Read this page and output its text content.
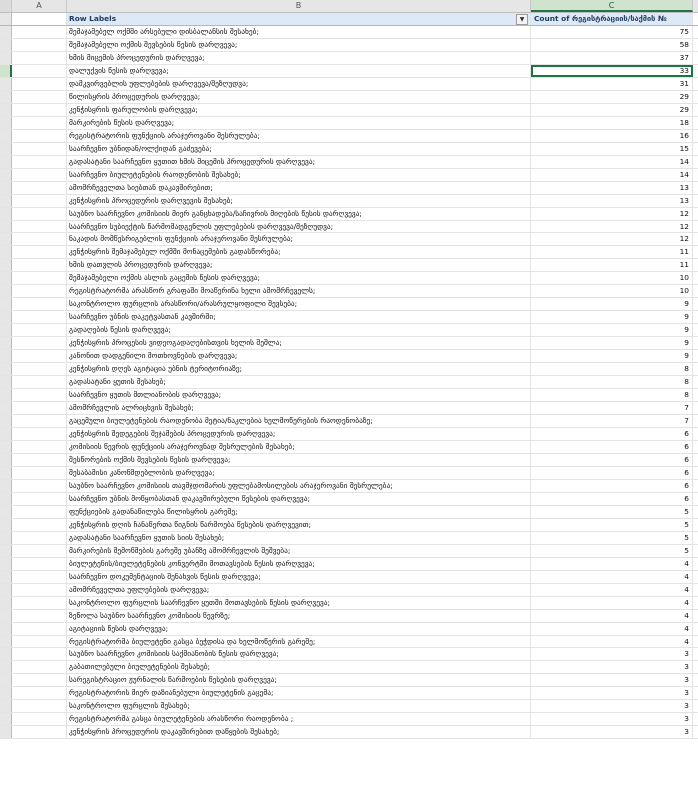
A	B	C
Row Labels	▼	Count of რეგისტრაციის/საქმის №
შემაჯამებელ ოქმში არსებული დისბალანსის შესახებ;	75
შემაჯამებელი ოქმის შევსების წესის დარღვევა;	58
ხმის მიცემის პროცედურის დარღვევა;	37
დალუქვის წესის დარღვევა;	33
დამკვირვებლის უფლებების დარღვევა/შეზღუდვა;	31
წილისყრის პროცედურის დარღვევა;	29
კენჭისყრის ფარულობის დარღვევა;	29
მარკირების წესის დარღვევა;	18
რეგისტრატორის ფუნქციის არაჯეროვანი შესრულება;	16
საარჩევნო უბნიდან/ოლქიდან გაძევება;	15
გადასატანი საარჩევნო ყუთით ხმის მიცემის პროცედურის დარღვევა;	14
საარჩევნო ბიულეტენების რაოდენობის შესახებ;	14
ამომრჩეველთა სიებთან დაკავშირებით;	13
კენჭისყრის პროცედურის დარღვევის შესახებ;	13
საუბნო საარჩევნო კომისიის მიერ განცხადება/საჩივრის მიღების წესის დარღვევა;	12
საარჩევნო სუბიექტის წარმომადგენლის უფლებების დარღვევა/შეზღუდვა;	12
ნაკადის მომწესრიგებლის ფუნქციის არაჯეროვანი შესრულება;	12
კენჭისყრის შემაჯამებელ ოქმში მონაცემების გადასწორება;	11
ხმის დათვლის პროცედურის დარღვევა;	11
შემაჯამებელი ოქმის ასლის გაცემის წესის დარღვევა;	10
რეგისტრატორმა არასწორ გრაფაში მოაწერინა ხელი ამომრჩეველს;	10
საკონტროლო ფურცლის არასწორი/არასრულყოფილი შევსება;	9
საარჩევნო უბნის დაკეტვასთან კავშირში;	9
გადაღების წესის დარღვევა;	9
კენჭისყრის პროცესის ვიდეოგადაღებისთვის ხელის შეშლა;	9
კანონით დადგენილი მოთხოვნების დარღვევა;	9
კენჭისყრის დღეს აგიტაცია უბნის ტერიტორიაზე;	8
გადასატანი ყუთის შესახებ;	8
საარჩევნო ყუთის მთლიანობის დარღვევა;	8
ამომრჩევლის ალრიცხვის შესახებ;	7
გაცემული ბიულეტენების რაოდენობა მეტია/ნაკლებია ხელმოწერების რაოდენობაზე;	7
კენჭისყრის შედეგების შეჯამების პროცედურის დარღვევა;	6
კომისიის წევრის ფუნქციის არაჯეროვნად შესრულების შესახებ;	6
შესწორების ოქმის შევსების წესის დარღვევა;	6
შესაბამისი კანონმდებლობის დარღვევა;	6
საუბნო საარჩევნო კომისიის თავმჯდომარის უფლებამოსილების არაჯეროვანი შესრულება;	6
საარჩევნო უბნის მოწყობასთან დაკავშირებული წესების დარღვევა;	6
ფუნქციების გადანაწილება წილისყრის გარეშე;	5
კენჭისყრის დღის ჩანაწერთა წიგნის წარმოება წესების დარღვევით;	5
გადასატანი საარჩევნო ყუთის სიის შესახებ;	5
მარკირების შემოწმების გარეშე უბანზე ამომრჩევლის შეშვება;	5
ბიულეტენის/ბიულეტენების კონვერტში მოთავსების წესის დარღვევა;	4
საარჩევნო დოკუმენტაციის შენახვის წესის დარღვევა;	4
ამომრჩეველთა უფლებების დარღვევა;	4
საკონტროლო ფურცლის საარჩევნო ყუთში მოთავსების წესის დარღვევა;	4
ზეწოლა საუბნო საარჩევნო კომისიის წევრზე;	4
აგიტაციის წესის დარღვევა;	4
რეგისტრატორმა ბიულეტენი გასცა ბეჭდისა და ხელმოწერის გარეშე;	4
საუბნო საარჩევნო კომისიის საქმიანობის წესის დარღვევა;	3
გაბათილებული ბიულეტენების შესახებ;	3
სარეგისტრაციო ჟურნალის წარმოების წესების დარღვევა;	3
რეგისტრატორის მიერ დაზიანებული ბიულეტენის გაცემა;	3
საკონტროლო ფურცლის შესახებ;	3
რეგისტრატორმა გასცა ბიულეტენების არასწორი რაოდენობა ;	3
კენჭისყრის პროცედურის დაკავშირებით დაწყების შესახებ;	3
